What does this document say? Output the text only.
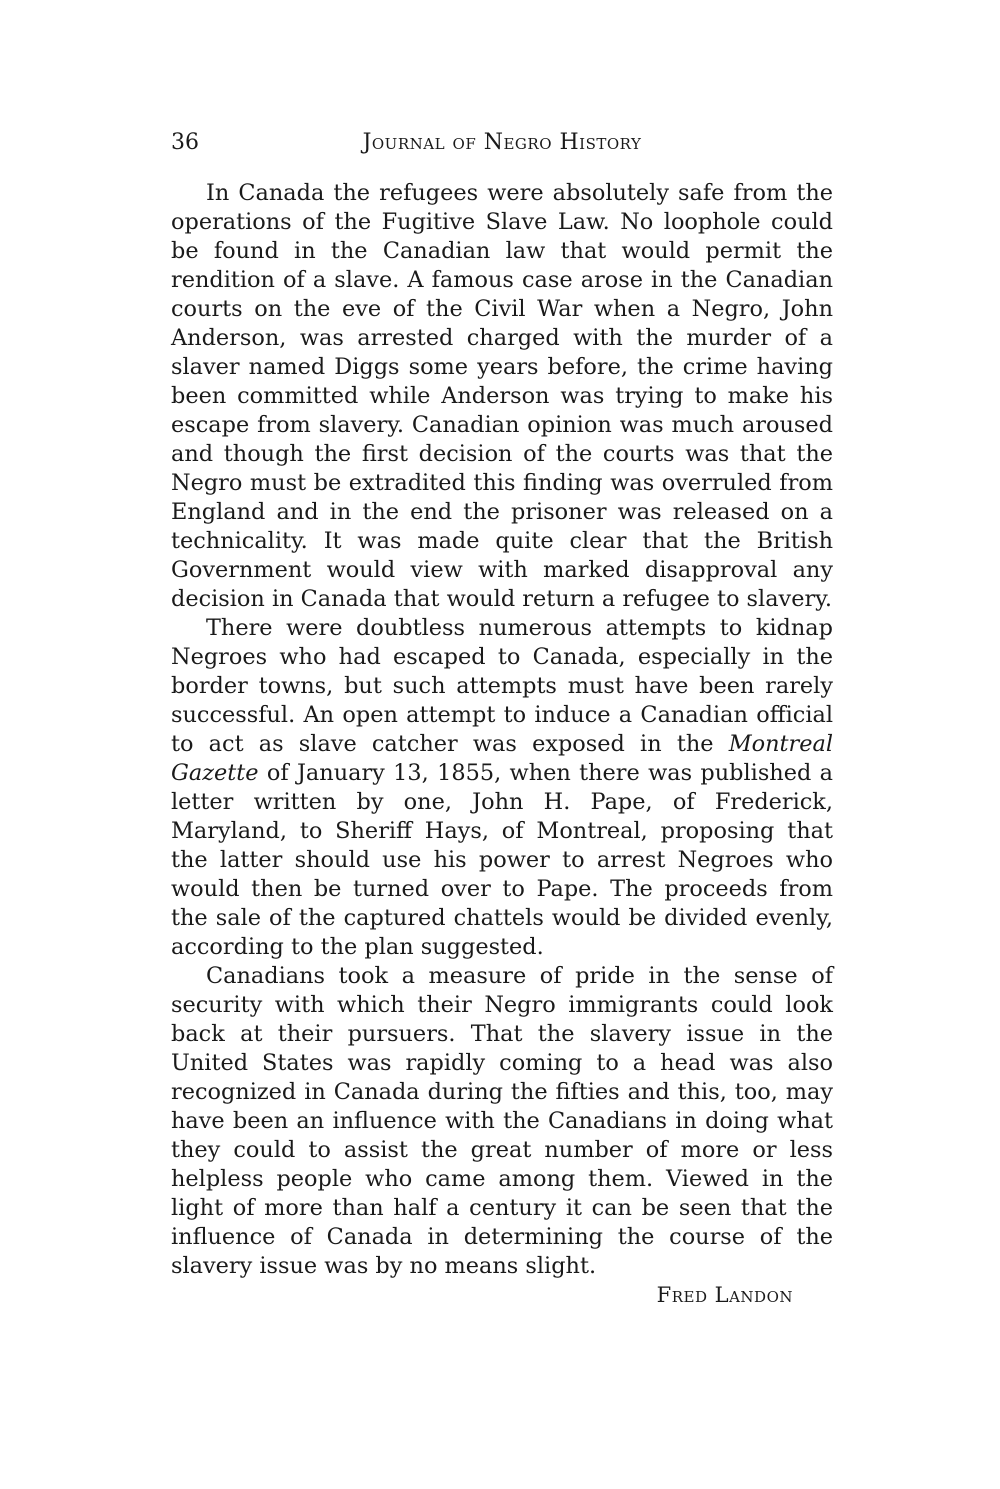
36	Journal of Negro History

In Canada the refugees were absolutely safe from the operations of the Fugitive Slave Law. No loophole could be found in the Canadian law that would permit the rendition of a slave. A famous case arose in the Canadian courts on the eve of the Civil War when a Negro, John Anderson, was arrested charged with the murder of a slaver named Diggs some years before, the crime having been committed while Anderson was trying to make his escape from slavery. Canadian opinion was much aroused and though the first decision of the courts was that the Negro must be extradited this finding was overruled from England and in the end the prisoner was released on a technicality. It was made quite clear that the British Government would view with marked disapproval any decision in Canada that would return a refugee to slavery.

There were doubtless numerous attempts to kidnap Negroes who had escaped to Canada, especially in the border towns, but such attempts must have been rarely successful. An open attempt to induce a Canadian official to act as slave catcher was exposed in the Montreal Gazette of January 13, 1855, when there was published a letter written by one, John H. Pape, of Frederick, Maryland, to Sheriff Hays, of Montreal, proposing that the latter should use his power to arrest Negroes who would then be turned over to Pape. The proceeds from the sale of the captured chattels would be divided evenly, according to the plan suggested.

Canadians took a measure of pride in the sense of security with which their Negro immigrants could look back at their pursuers. That the slavery issue in the United States was rapidly coming to a head was also recognized in Canada during the fifties and this, too, may have been an influence with the Canadians in doing what they could to assist the great number of more or less helpless people who came among them. Viewed in the light of more than half a century it can be seen that the influence of Canada in determining the course of the slavery issue was by no means slight.

Fred Landon
